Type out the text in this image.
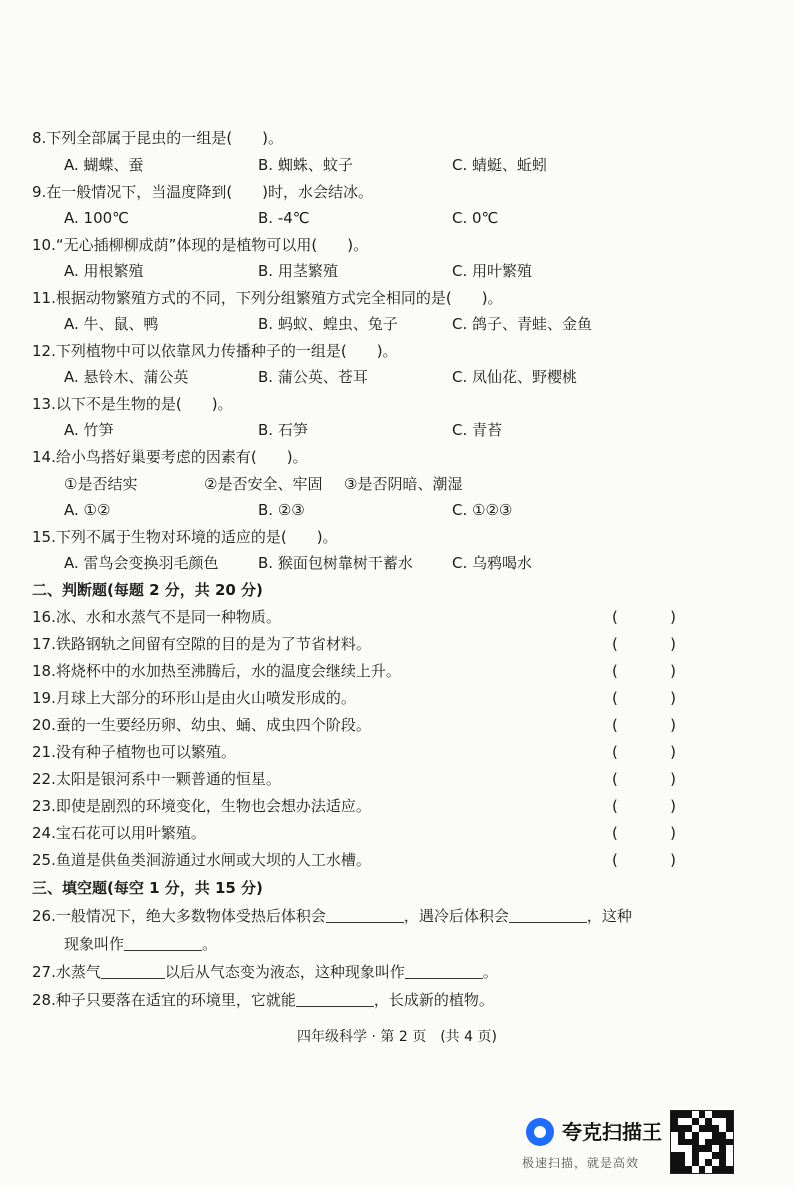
8.下列全部属于昆虫的一组是(　　)。
A. 蝴蝶、蚕	B. 蜘蛛、蚊子	C. 蜻蜓、蚯蚓
9.在一般情况下，当温度降到(　　)时，水会结冰。
A. 100℃	B. -4℃	C. 0℃
10.“无心插柳柳成荫”体现的是植物可以用(　　)。
A. 用根繁殖	B. 用茎繁殖	C. 用叶繁殖
11.根据动物繁殖方式的不同，下列分组繁殖方式完全相同的是(　　)。
A. 牛、鼠、鸭	B. 蚂蚁、蝗虫、兔子	C. 鸽子、青蛙、金鱼
12.下列植物中可以依靠风力传播种子的一组是(　　)。
A. 悬铃木、蒲公英	B. 蒲公英、苍耳	C. 凤仙花、野樱桃
13.以下不是生物的是(　　)。
A. 竹笋	B. 石笋	C. 青苔
14.给小鸟搭好巢要考虑的因素有(　　)。
①是否结实	②是否安全、牢固 ③是否阴暗、潮湿
A. ①②	B. ②③	C. ①②③
15.下列不属于生物对环境的适应的是(　　)。
A. 雷鸟会变换羽毛颜色	B. 猴面包树靠树干蓄水	C. 乌鸦喝水
二、判断题(每题 2 分，共 20 分)
16.冰、水和水蒸气不是同一种物质。	(	)
17.铁路钢轨之间留有空隙的目的是为了节省材料。	(	)
18.将烧杯中的水加热至沸腾后，水的温度会继续上升。	(	)
19.月球上大部分的环形山是由火山喷发形成的。	(	)
20.蚕的一生要经历卵、幼虫、蛹、成虫四个阶段。	(	)
21.没有种子植物也可以繁殖。	(	)
22.太阳是银河系中一颗普通的恒星。	(	)
23.即使是剧烈的环境变化，生物也会想办法适应。	(	)
24.宝石花可以用叶繁殖。	(	)
25.鱼道是供鱼类洄游通过水闸或大坝的人工水槽。	(	)
三、填空题(每空 1 分，共 15 分)
26.一般情况下，绝大多数物体受热后体积会	，遇冷后体积会	，这种
现象叫作	。
27.水蒸气	以后从气态变为液态，这种现象叫作	。
28.种子只要落在适宜的环境里，它就能	，长成新的植物。
四年级科学 · 第 2 页　(共 4 页)
夸克扫描王
极速扫描，就是高效
